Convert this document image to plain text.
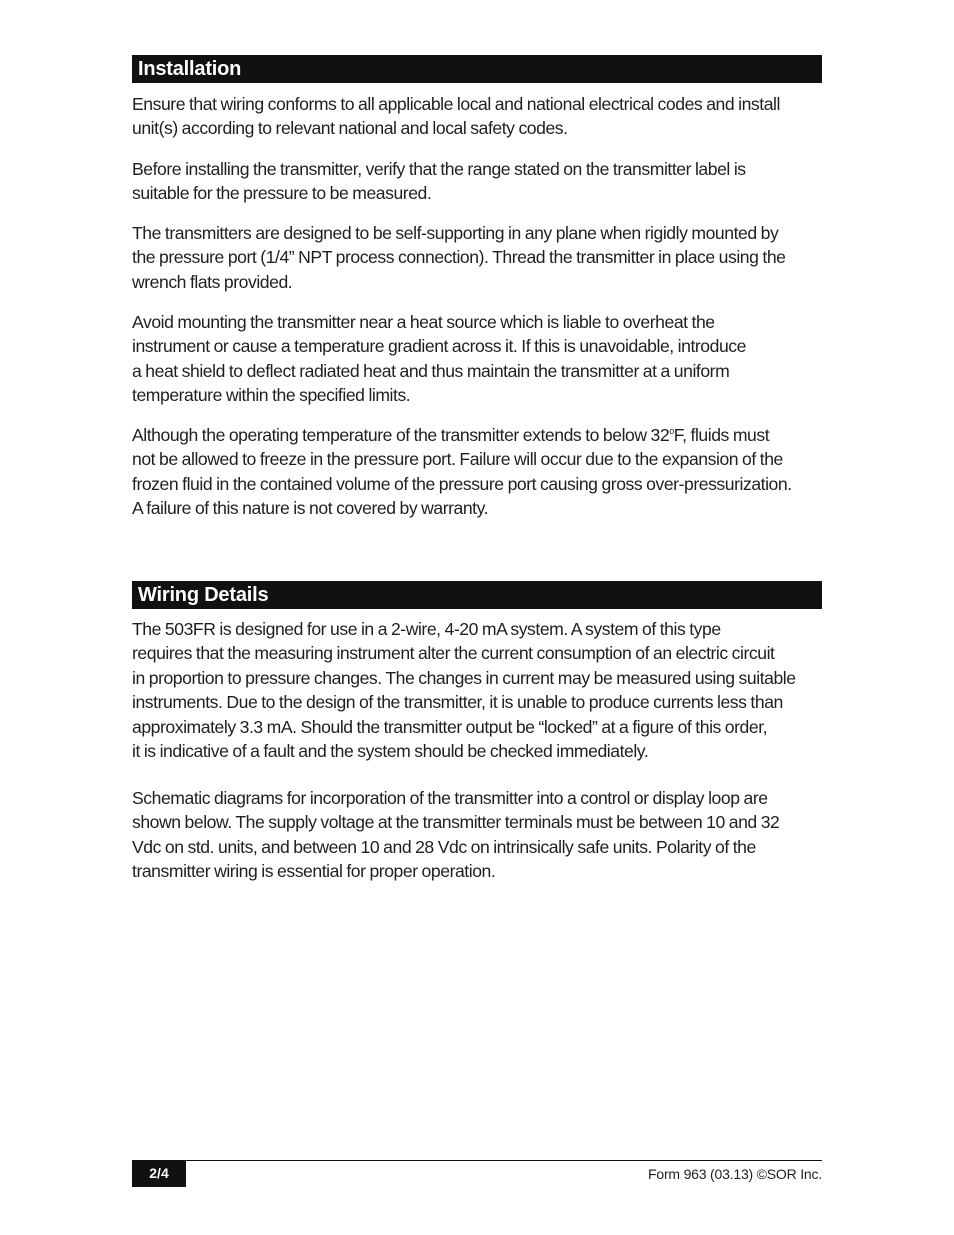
Installation

Ensure that wiring conforms to all applicable local and national electrical codes and install
unit(s) according to relevant national and local safety codes.

Before installing the transmitter, verify that the range stated on the transmitter label is
suitable for the pressure to be measured.

The transmitters are designed to be self-supporting in any plane when rigidly mounted by
the pressure port (1/4” NPT process connection). Thread the transmitter in place using the
wrench flats provided.

Avoid mounting the transmitter near a heat source which is liable to overheat the
instrument or cause a temperature gradient across it. If this is unavoidable, introduce
a heat shield to deflect radiated heat and thus maintain the transmitter at a uniform
temperature within the specified limits.

Although the operating temperature of the transmitter extends to below 32$^o$F, fluids must
not be allowed to freeze in the pressure port. Failure will occur due to the expansion of the
frozen fluid in the contained volume of the pressure port causing gross over-pressurization.
A failure of this nature is not covered by warranty.

Wiring Details

The 503FR is designed for use in a 2-wire, 4-20 mA system. A system of this type
requires that the measuring instrument alter the current consumption of an electric circuit
in proportion to pressure changes. The changes in current may be measured using suitable
instruments. Due to the design of the transmitter, it is unable to produce currents less than
approximately 3.3 mA. Should the transmitter output be “locked” at a figure of this order,
it is indicative of a fault and the system should be checked immediately.

Schematic diagrams for incorporation of the transmitter into a control or display loop are
shown below. The supply voltage at the transmitter terminals must be between 10 and 32
Vdc on std. units, and between 10 and 28 Vdc on intrinsically safe units. Polarity of the
transmitter wiring is essential for proper operation.

2/4	Form 963 (03.13) ©SOR Inc.
